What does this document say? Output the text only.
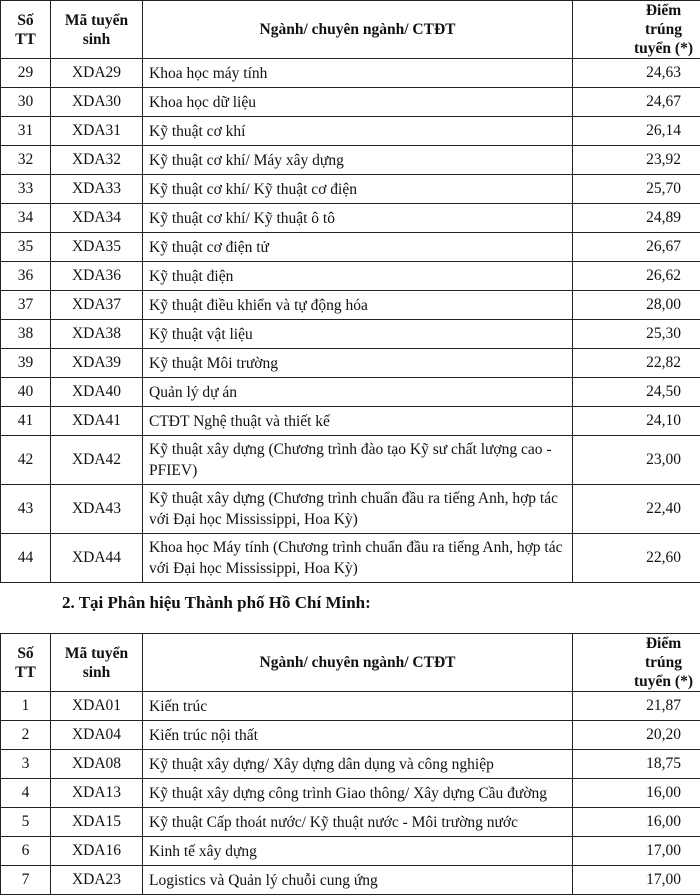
Số TT	Mã tuyển sinh	Ngành/ chuyên ngành/ CTĐT	Điểm trúng tuyển (*)
29	XDA29	Khoa học máy tính	24,63
30	XDA30	Khoa học dữ liệu	24,67
31	XDA31	Kỹ thuật cơ khí	26,14
32	XDA32	Kỹ thuật cơ khí/ Máy xây dựng	23,92
33	XDA33	Kỹ thuật cơ khí/ Kỹ thuật cơ điện	25,70
34	XDA34	Kỹ thuật cơ khí/ Kỹ thuật ô tô	24,89
35	XDA35	Kỹ thuật cơ điện tử	26,67
36	XDA36	Kỹ thuật điện	26,62
37	XDA37	Kỹ thuật điều khiển và tự động hóa	28,00
38	XDA38	Kỹ thuật vật liệu	25,30
39	XDA39	Kỹ thuật Môi trường	22,82
40	XDA40	Quản lý dự án	24,50
41	XDA41	CTĐT Nghệ thuật và thiết kế	24,10
42	XDA42	Kỹ thuật xây dựng (Chương trình đào tạo Kỹ sư chất lượng cao - PFIEV)	23,00
43	XDA43	Kỹ thuật xây dựng (Chương trình chuẩn đầu ra tiếng Anh, hợp tác với Đại học Mississippi, Hoa Kỳ)	22,40
44	XDA44	Khoa học Máy tính (Chương trình chuẩn đầu ra tiếng Anh, hợp tác với Đại học Mississippi, Hoa Kỳ)	22,60
2. Tại Phân hiệu Thành phố Hồ Chí Minh:
Số TT	Mã tuyển sinh	Ngành/ chuyên ngành/ CTĐT	Điểm trúng tuyển (*)
1	XDA01	Kiến trúc	21,87
2	XDA04	Kiến trúc nội thất	20,20
3	XDA08	Kỹ thuật xây dựng/ Xây dựng dân dụng và công nghiệp	18,75
4	XDA13	Kỹ thuật xây dựng công trình Giao thông/ Xây dựng Cầu đường	16,00
5	XDA15	Kỹ thuật Cấp thoát nước/ Kỹ thuật nước - Môi trường nước	16,00
6	XDA16	Kinh tế xây dựng	17,00
7	XDA23	Logistics và Quản lý chuỗi cung ứng	17,00
